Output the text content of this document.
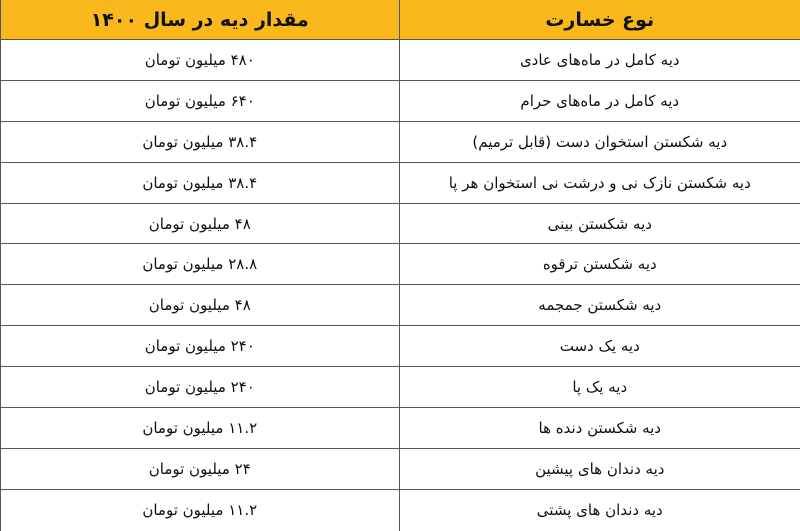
نوع خسارت
مقدار دیه در سال ۱۴۰۰
دیه کامل در ماه‌های عادی
۴۸۰ میلیون تومان
دیه کامل در ماه‌های حرام
۶۴۰ میلیون تومان
دیه شکستن استخوان دست (قابل ترمیم)
۳۸.۴ میلیون تومان
دیه شکستن نازک نی و درشت نی استخوان هر پا
۳۸.۴ میلیون تومان
دیه شکستن بینی
۴۸ میلیون تومان
دیه شکستن ترقوه
۲۸.۸ میلیون تومان
دیه شکستن جمجمه
۴۸ میلیون تومان
دیه یک دست
۲۴۰ میلیون تومان
دیه یک پا
۲۴۰ میلیون تومان
دیه شکستن دنده ها
۱۱.۲ میلیون تومان
دیه دندان های پیشین
۲۴ میلیون تومان
دیه دندان های پشتی
۱۱.۲ میلیون تومان
